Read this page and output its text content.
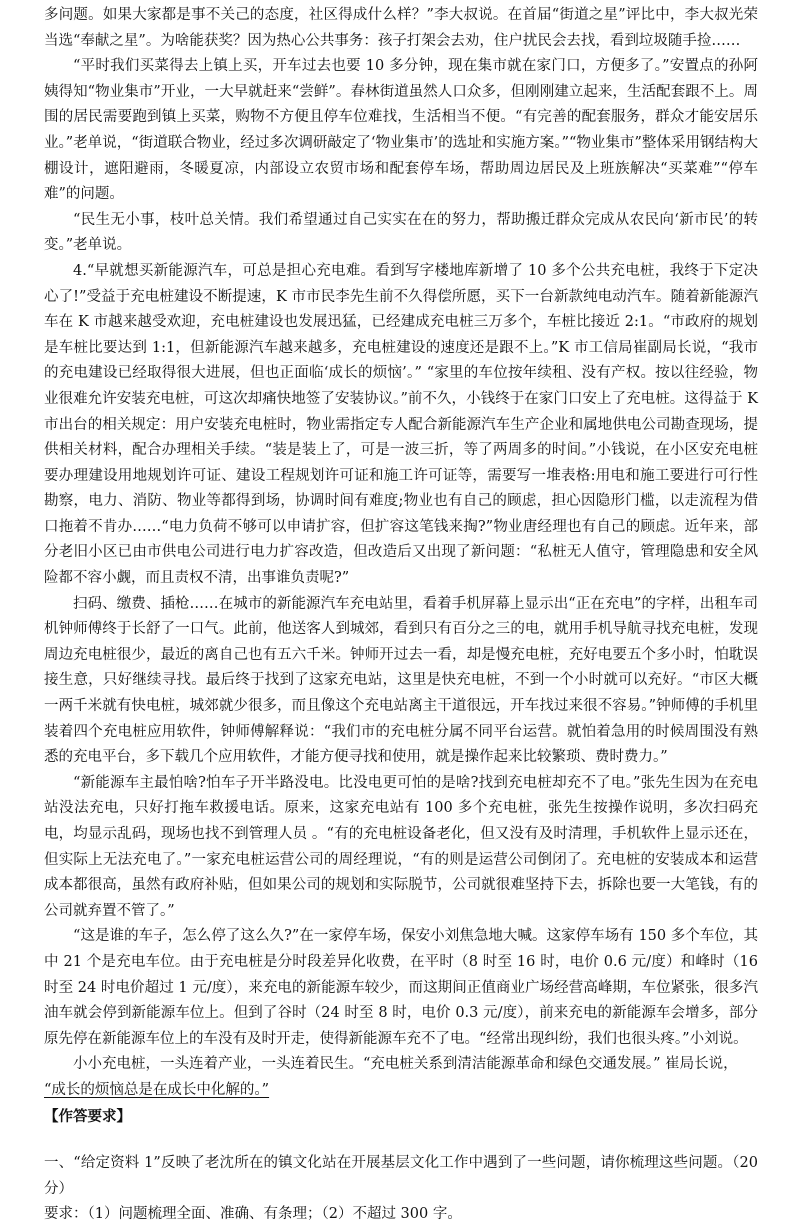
多问题。如果大家都是事不关己的态度，社区得成什么样？”李大叔说。在首届“街道之星”评比中，李大叔光荣当选“奉献之星”。为啥能获奖？因为热心公共事务：孩子打架会去劝，住户扰民会去找，看到垃圾随手捡……

“平时我们买菜得去上镇上买，开车过去也要 10 多分钟，现在集市就在家门口，方便多了。”安置点的孙阿姨得知“物业集市”开业，一大早就赶来“尝鲜”。春林街道虽然人口众多，但刚刚建立起来，生活配套跟不上。周围的居民需要跑到镇上买菜，购物不方便且停车位难找，生活相当不便。“有完善的配套服务，群众才能安居乐业。”老单说，“街道联合物业，经过多次调研敲定了‘物业集市’的选址和实施方案。”“物业集市”整体采用钢结构大棚设计，遮阳避雨，冬暖夏凉，内部设立农贸市场和配套停车场，帮助周边居民及上班族解决“买菜难”“停车难”的问题。

“民生无小事，枝叶总关情。我们希望通过自己实实在在的努力，帮助搬迁群众完成从农民向‘新市民’的转变。”老单说。

4.“早就想买新能源汽车，可总是担心充电难。看到写字楼地库新增了 10 多个公共充电桩，我终于下定决心了!”受益于充电桩建设不断提速，K 市市民李先生前不久得偿所愿，买下一台新款纯电动汽车。随着新能源汽车在 K 市越来越受欢迎，充电桩建设也发展迅猛，已经建成充电桩三万多个，车桩比接近 2:1。“市政府的规划是车桩比要达到 1:1，但新能源汽车越来越多，充电桩建设的速度还是跟不上。”K 市工信局崔副局长说，“我市的充电建设已经取得很大进展，但也正面临‘成长的烦恼’。” “家里的车位按年续租、没有产权。按以往经验，物业很难允许安装充电桩，可这次却痛快地签了安装协议。”前不久，小钱终于在家门口安上了充电桩。这得益于 K 市出台的相关规定：用户安装充电桩时，物业需指定专人配合新能源汽车生产企业和属地供电公司勘查现场，提供相关材料，配合办理相关手续。“装是装上了，可是一波三折，等了两周多的时间。”小钱说，在小区安充电桩要办理建设用地规划许可证、建设工程规划许可证和施工许可证等，需要写一堆表格:用电和施工要进行可行性勘察，电力、消防、物业等都得到场，协调时间有难度;物业也有自己的顾虑，担心因隐形门槛，以走流程为借口拖着不肯办……“电力负荷不够可以申请扩容，但扩容这笔钱来掏?”物业唐经理也有自己的顾虑。近年来，部分老旧小区已由市供电公司进行电力扩容改造，但改造后又出现了新问题：“私桩无人值守，管理隐患和安全风险都不容小觑，而且责权不清，出事谁负责呢?”

扫码、缴费、插枪……在城市的新能源汽车充电站里，看着手机屏幕上显示出“正在充电”的字样，出租车司机钟师傅终于长舒了一口气。此前，他送客人到城郊，看到只有百分之三的电，就用手机导航寻找充电桩，发现周边充电桩很少，最近的离自己也有五六千米。钟师开过去一看，却是慢充电桩，充好电要五个多小时，怕耽误接生意，只好继续寻找。最后终于找到了这家充电站，这里是快充电桩，不到一个小时就可以充好。“市区大概一两千米就有快电桩，城郊就少很多，而且像这个充电站离主干道很远，开车找过来很不容易。”钟师傅的手机里装着四个充电桩应用软件，钟师傅解释说：“我们市的充电桩分属不同平台运营。就怕着急用的时候周围没有熟悉的充电平台，多下载几个应用软件，才能方便寻找和使用，就是操作起来比较繁琐、费时费力。”

“新能源车主最怕啥?怕车子开半路没电。比没电更可怕的是啥?找到充电桩却充不了电。”张先生因为在充电站没法充电，只好打拖车救援电话。原来，这家充电站有 100 多个充电桩，张先生按操作说明，多次扫码充电，均显示乱码，现场也找不到管理人员 。“有的充电桩设备老化，但又没有及时清理，手机软件上显示还在，但实际上无法充电了。”一家充电桩运营公司的周经理说，“有的则是运营公司倒闭了。充电桩的安装成本和运营成本都很高，虽然有政府补贴，但如果公司的规划和实际脱节，公司就很难坚持下去，拆除也要一大笔钱，有的公司就弃置不管了。”

“这是谁的车子，怎么停了这么久?”在一家停车场，保安小刘焦急地大喊。这家停车场有 150 多个车位，其中 21 个是充电车位。由于充电桩是分时段差异化收费，在平时（8 时至 16 时，电价 0.6 元/度）和峰时（16 时至 24 时电价超过 1 元/度），来充电的新能源车较少，而这期间正值商业广场经营高峰期，车位紧张，很多汽油车就会停到新能源车位上。但到了谷时（24 时至 8 时，电价 0.3 元/度），前来充电的新能源车会增多，部分原先停在新能源车位上的车没有及时开走，使得新能源车充不了电。“经常出现纠纷，我们也很头疼。”小刘说。

小小充电桩，一头连着产业，一头连着民生。“充电桩关系到清洁能源革命和绿色交通发展。” 崔局长说，

“成长的烦恼总是在成长中化解的。”

【作答要求】

一、“给定资料 1”反映了老沈所在的镇文化站在开展基层文化工作中遇到了一些问题，请你梳理这些问题。（20 分）

要求：（1）问题梳理全面、准确、有条理；（2）不超过 300 字。
